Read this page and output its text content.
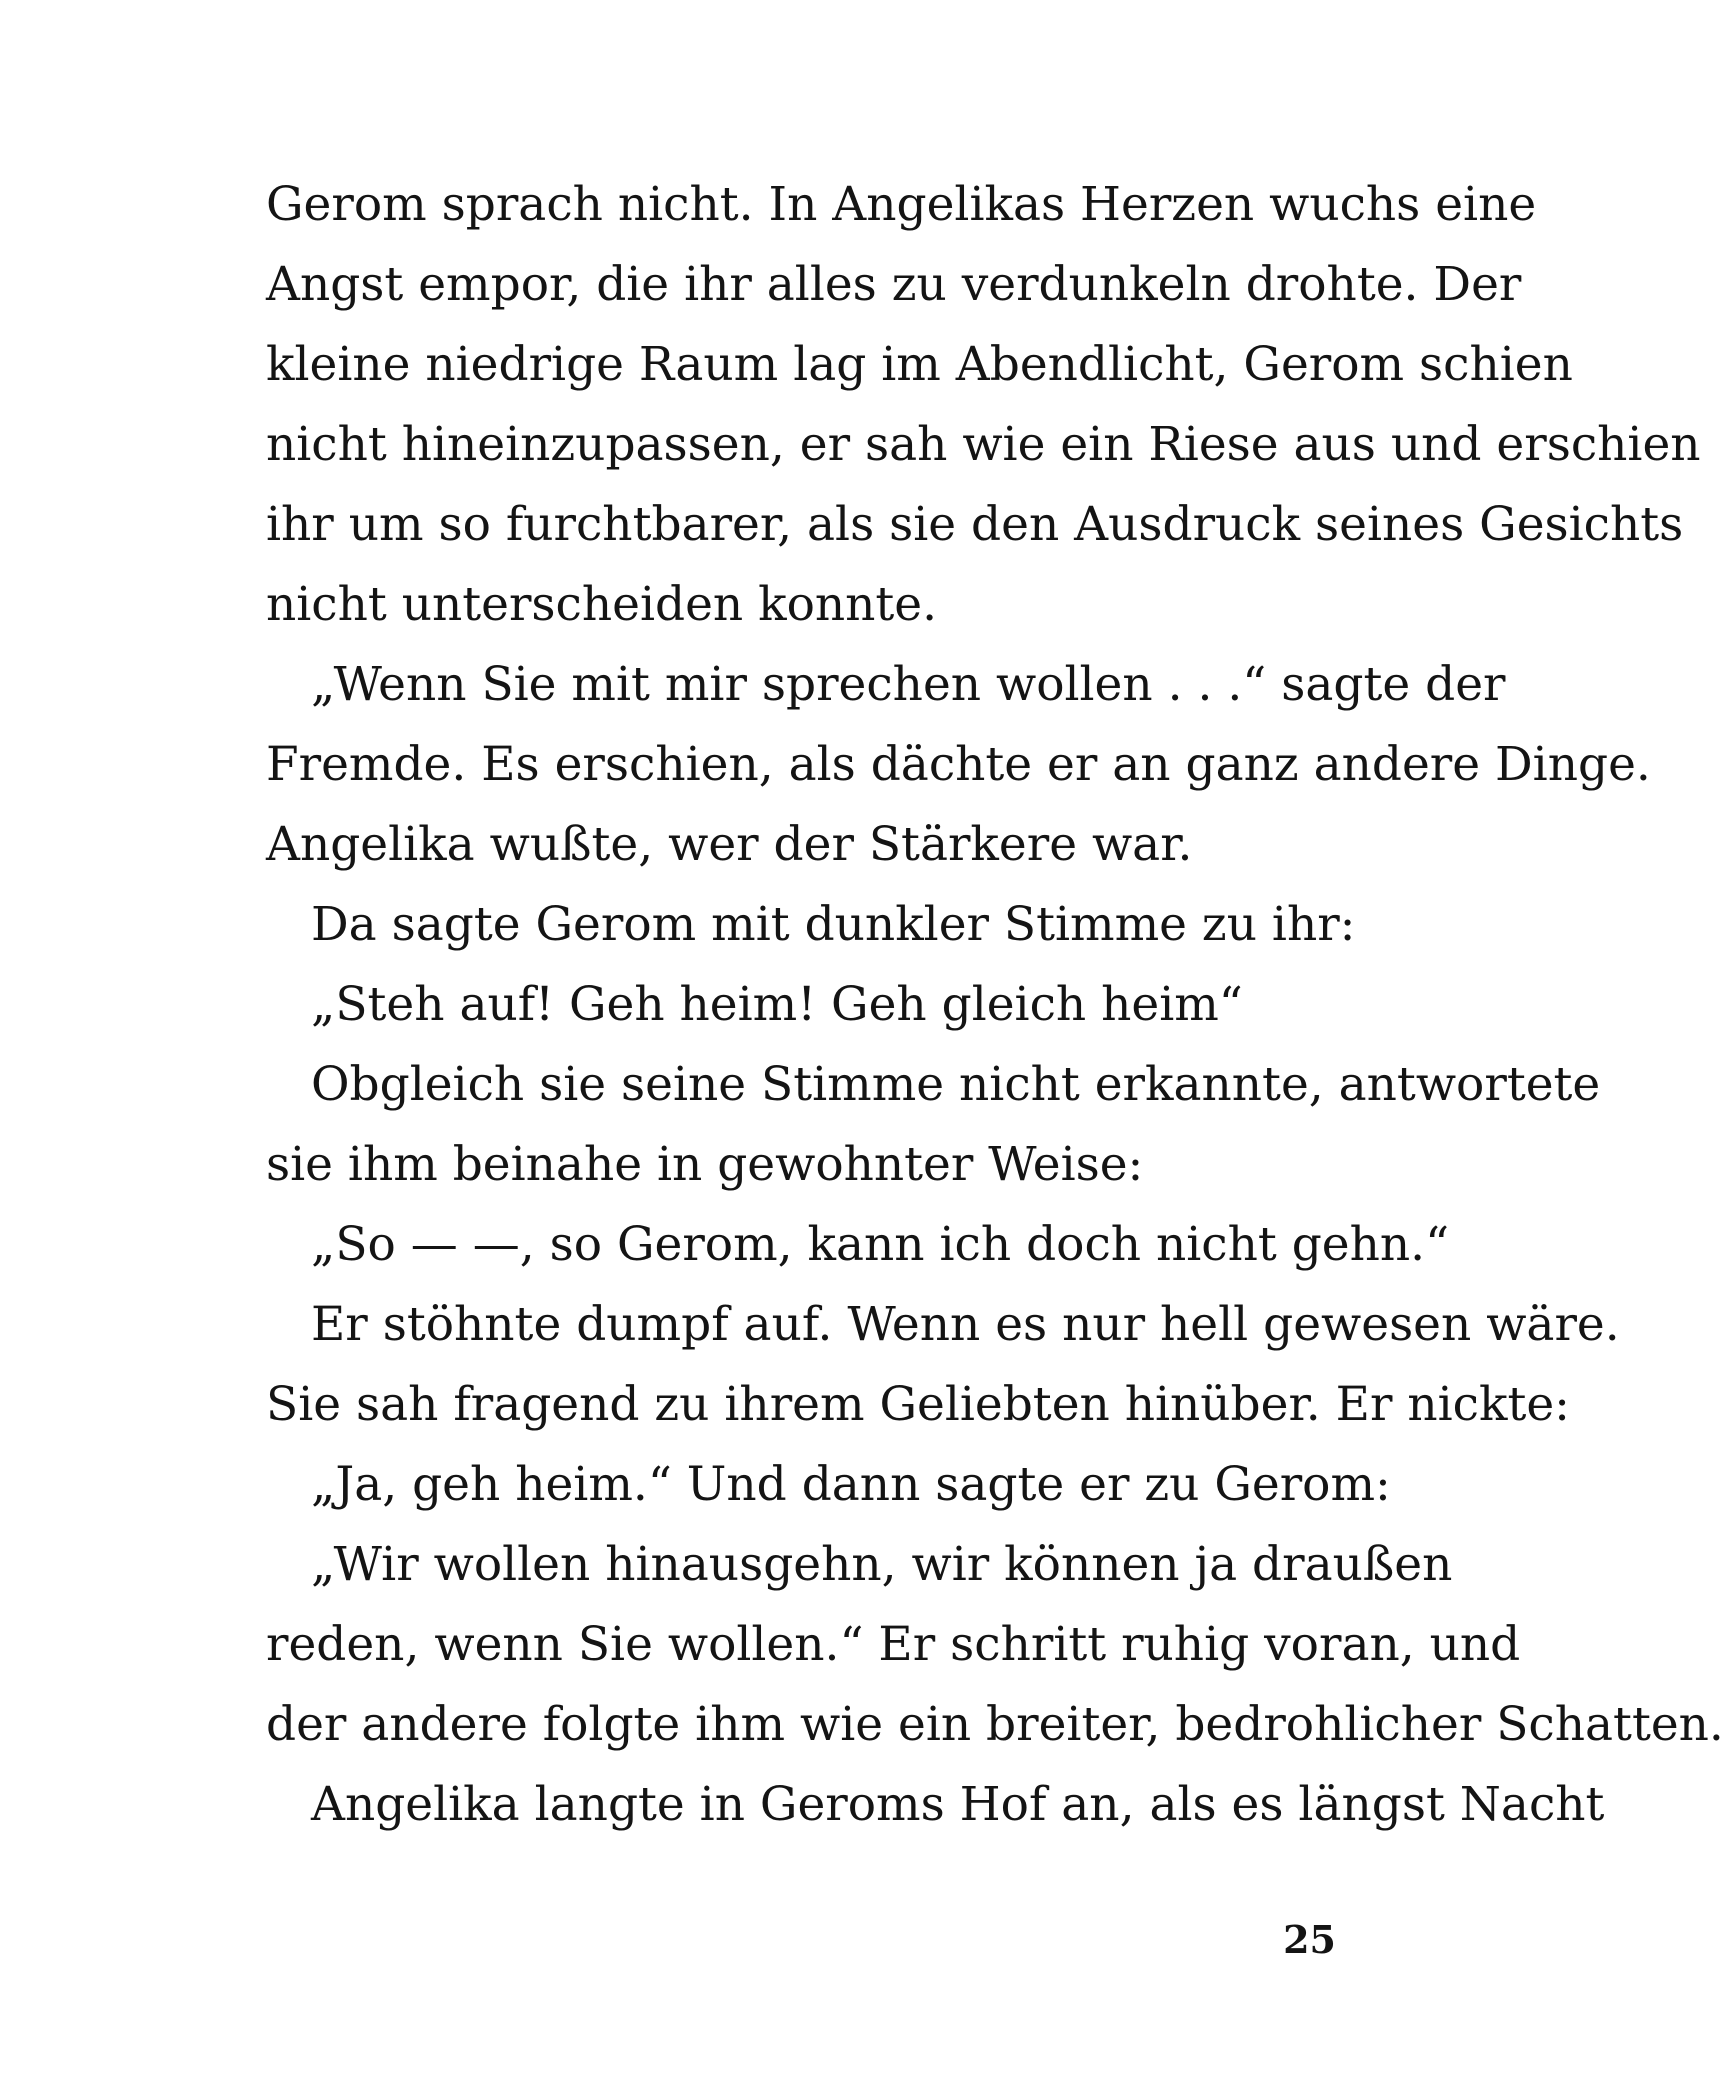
Gerom sprach nicht. In Angelikas Herzen wuchs eine
Angst empor, die ihr alles zu verdunkeln drohte. Der
kleine niedrige Raum lag im Abendlicht, Gerom schien
nicht hineinzupassen, er sah wie ein Riese aus und erschien
ihr um so furchtbarer, als sie den Ausdruck seines Gesichts
nicht unterscheiden konnte.
„Wenn Sie mit mir sprechen wollen . . .“ sagte der
Fremde. Es erschien, als dächte er an ganz andere Dinge.
Angelika wußte, wer der Stärkere war.
Da sagte Gerom mit dunkler Stimme zu ihr:
„Steh auf! Geh heim! Geh gleich heim“
Obgleich sie seine Stimme nicht erkannte, antwortete
sie ihm beinahe in gewohnter Weise:
„So — —, so Gerom, kann ich doch nicht gehn.“
Er stöhnte dumpf auf. Wenn es nur hell gewesen wäre.
Sie sah fragend zu ihrem Geliebten hinüber. Er nickte:
„Ja, geh heim.“ Und dann sagte er zu Gerom:
„Wir wollen hinausgehn, wir können ja draußen
reden, wenn Sie wollen.“ Er schritt ruhig voran, und
der andere folgte ihm wie ein breiter, bedrohlicher Schatten.
Angelika langte in Geroms Hof an, als es längst Nacht
25
